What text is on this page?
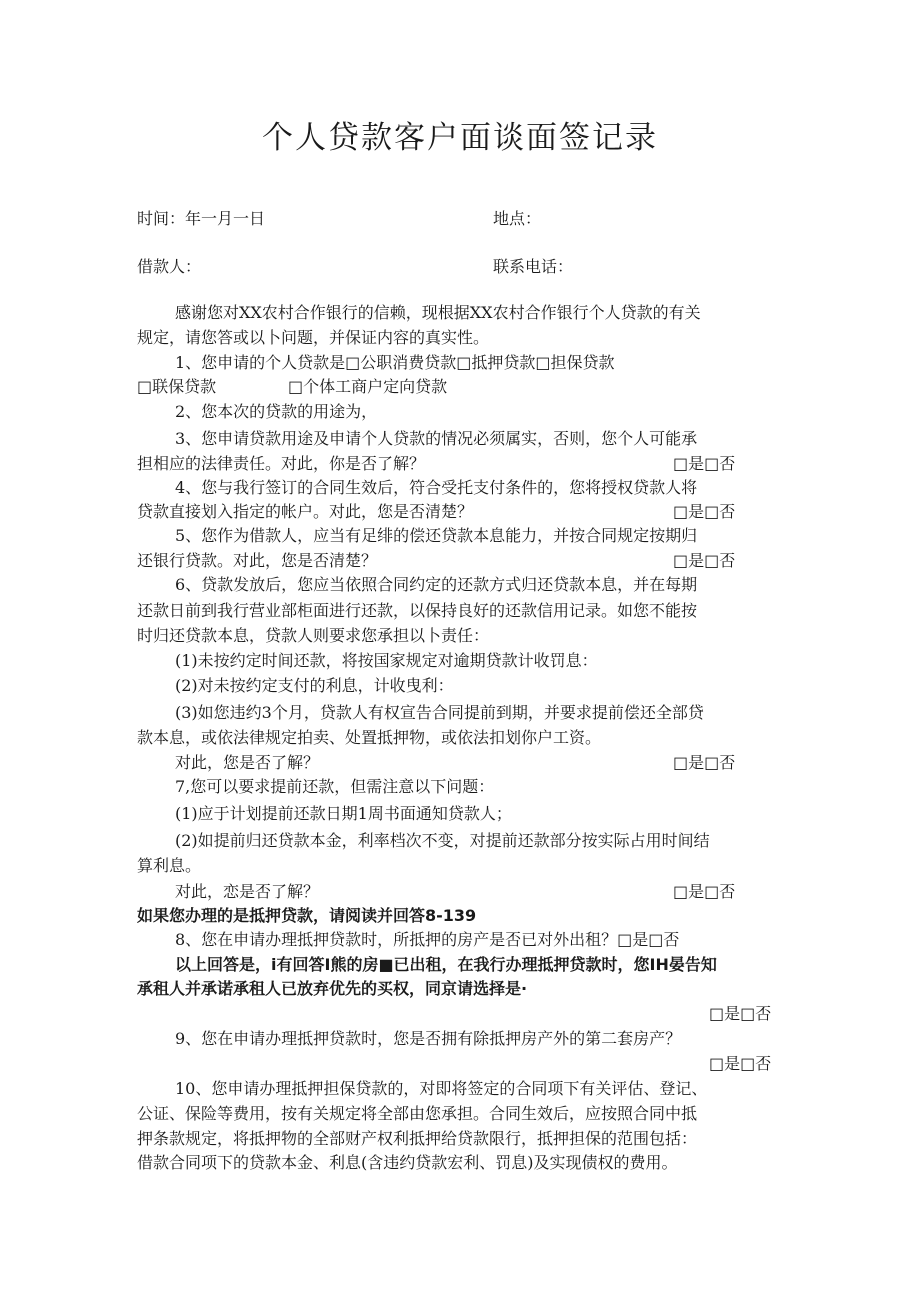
个人贷款客户面谈面签记录
时间：年一月一日	地点：
借款人：	联系电话：
感谢您对XX农村合作银行的信赖，现根据XX农村合作银行个人贷款的有关
规定，请您答或以卜问题，并保证内容的真实性。
1、您申请的个人贷款是□公职消费贷款□抵押贷款□担保贷款
□联保贷款	□个体工商户定向贷款
2、您本次的贷款的用途为，
3、您申请贷款用途及申请个人贷款的情况必须属实，否则，您个人可能承
担相应的法律责任。对此，你是否了解？	□是□否
4、您与我行签订的合同生效后，符合受托支付条件的，您将授权贷款人将
贷款直接划入指定的帐户。对此，您是否清楚？	□是□否
5、您作为借款人，应当有足绯的偿还贷款本息能力，并按合同规定按期归
还银行贷款。对此，您是否清楚？	□是□否
6、贷款发放后，您应当依照合同约定的还款方式归还贷款本息，并在每期
还款日前到我行营业部柜面进行还款，以保持良好的还款信用记录。如您不能按
时归还贷款本息，贷款人则要求您承担以卜责任：
(1)未按约定时间还款，将按国家规定对逾期贷款计收罚息：
(2)对未按约定支付的利息，计收曳利：
(3)如您违约3个月，贷款人有权宣告合同提前到期，并要求提前偿还全部贷
款本息，或依法律规定拍卖、处置抵押物，或依法扣划你户工资。
对此，您是否了解？	□是□否
7,您可以要求提前还款，但需注意以下问题：
(1)应于计划提前还款日期1周书面通知贷款人；
(2)如提前归还贷款本金，利率档次不变，对提前还款部分按实际占用时间结
算利息。
对此，恋是否了解？	□是□否
如果您办理的是抵押贷款，请阅读并回答8-139
8、您在申请办理抵押贷款时，所抵押的房产是否已对外出租？□是□否
以上回答是，i有回答I熊的房■已出租，在我行办理抵押贷款时，您IH晏告知
承租人并承诺承租人已放弃优先的买权，同京请选择是·
□是□否
9、您在申请办理抵押贷款时，您是否拥有除抵押房产外的第二套房产？
□是□否
10、您申请办理抵押担保贷款的，对即将签定的合同项下有关评估、登记、
公证、保险等费用，按有关规定将全部由您承担。合同生效后，应按照合同中抵
押条款规定，将抵押物的全部财产权利抵押给贷款限行，抵押担保的范围包括：
借款合同项下的贷款本金、利息(含违约贷款宏利、罚息)及实现债权的费用。
